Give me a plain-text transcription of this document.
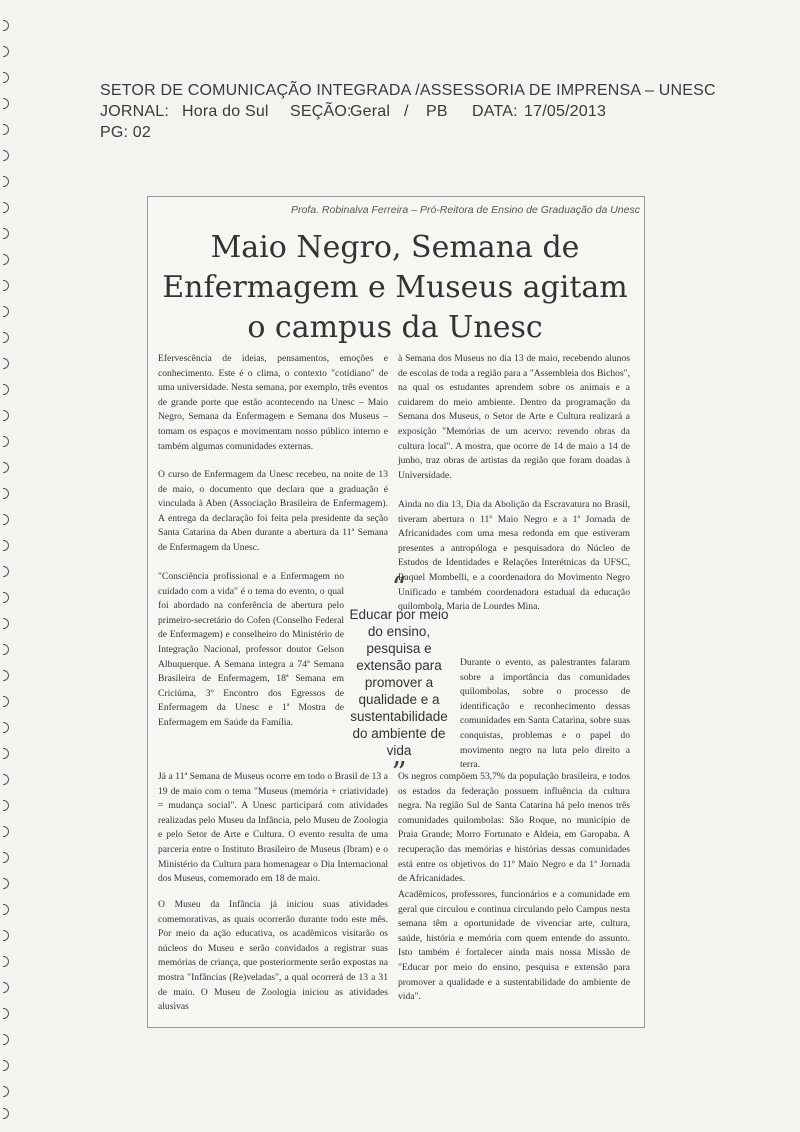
SETOR DE COMUNICAÇÃO INTEGRADA /ASSESSORIA DE IMPRENSA – UNESC
JORNAL: Hora do Sul SEÇÃO:Geral / PB DATA: 17/05/2013
PG: 02
Profa. Robinalva Ferreira – Pró-Reitora de Ensino de Graduação da Unesc
Maio Negro, Semana de
Enfermagem e Museus agitam
o campus da Unesc

Efervescência de ideias, pensamentos, emoções e conhecimento. Este é o clima, o contexto "cotidiano" de uma universidade. Nesta semana, por exemplo, três eventos de grande porte que estão acontecendo na Unesc – Maio Negro, Semana da Enfermagem e Semana dos Museus – tomam os espaços e movimentam nosso público interno e também algumas comunidades externas.

O curso de Enfermagem da Unesc recebeu, na noite de 13 de maio, o documento que declara que a graduação é vinculada à Aben (Associação Brasileira de Enfermagem). A entrega da declaração foi feita pela presidente da seção Santa Catarina da Aben durante a abertura da 11ª Semana de Enfermagem da Unesc.

"Consciência profissional e a Enfermagem no cuidado com a vida" é o tema do evento, o qual foi abordado na conferência de abertura pelo primeiro-secretário do Cofen (Conselho Federal de Enfermagem) e conselheiro do Ministério de Integração Nacional, professor doutor Gelson Albuquerque. A Semana integra a 74ª Semana Brasileira de Enfermagem, 18ª Semana em Criciúma, 3º Encontro dos Egressos de Enfermagem da Unesc e 1ª Mostra de Enfermagem em Saúde da Família.

Já a 11ª Semana de Museus ocorre em todo o Brasil de 13 a 19 de maio com o tema "Museus (memória + criatividade) = mudança social". A Unesc participará com atividades realizadas pelo Museu da Infância, pelo Museu de Zoologia e pelo Setor de Arte e Cultura. O evento resulta de uma parceria entre o Instituto Brasileiro de Museus (Ibram) e o Ministério da Cultura para homenagear o Dia Internacional dos Museus, comemorado em 18 de maio.

O Museu da Infância já iniciou suas atividades comemorativas, as quais ocorrerão durante todo este mês. Por meio da ação educativa, os acadêmicos visitarão os núcleos do Museu e serão convidados a registrar suas memórias de criança, que posteriormente serão expostas na mostra "Infâncias (Re)veladas", a qual ocorrerá de 13 a 31 de maio. O Museu de Zoologia iniciou as atividades alusivas

à Semana dos Museus no dia 13 de maio, recebendo alunos de escolas de toda a região para a "Assembleia dos Bichos", na qual os estudantes aprendem sobre os animais e a cuidarem do meio ambiente. Dentro da programação da Semana dos Museus, o Setor de Arte e Cultura realizará a exposição "Memórias de um acervo: revendo obras da cultura local". A mostra, que ocorre de 14 de maio a 14 de junho, traz obras de artistas da região que foram doadas à Universidade.

Ainda no dia 13, Dia da Abolição da Escravatura no Brasil, tiveram abertura o 11º Maio Negro e a 1ª Jornada de Africanidades com uma mesa redonda em que estiveram presentes a antropóloga e pesquisadora do Núcleo de Estudos de Identidades e Relações Interétnicas da UFSC, Raquel Mombelli, e a coordenadora do Movimento Negro Unificado e também coordenadora estadual da educação quilombola, Maria de Lourdes Mina.

Durante o evento, as palestrantes falaram sobre a importância das comunidades quilombolas, sobre o processo de identificação e reconhecimento dessas comunidades em Santa Catarina, sobre suas conquistas, problemas e o papel do movimento negro na luta pelo direito a terra.

Os negros compõem 53,7% da população brasileira, e todos os estados da federação possuem influência da cultura negra. Na região Sul de Santa Catarina há pelo menos três comunidades quilombolas: São Roque, no município de Praia Grande; Morro Fortunato e Aldeia, em Garopaba. A recuperação das memórias e histórias dessas comunidades está entre os objetivos do 11º Maio Negro e da 1ª Jornada de Africanidades.

Acadêmicos, professores, funcionários e a comunidade em geral que circulou e continua circulando pelo Campus nesta semana têm a oportunidade de vivenciar arte, cultura, saúde, história e memória com quem entende do assunto. Isto também é fortalecer ainda mais nossa Missão de "Educar por meio do ensino, pesquisa e extensão para promover a qualidade e a sustentabilidade do ambiente de vida".

“
Educar por meio do ensino, pesquisa e extensão para promover a qualidade e a sustentabilidade do ambiente de vida
”
